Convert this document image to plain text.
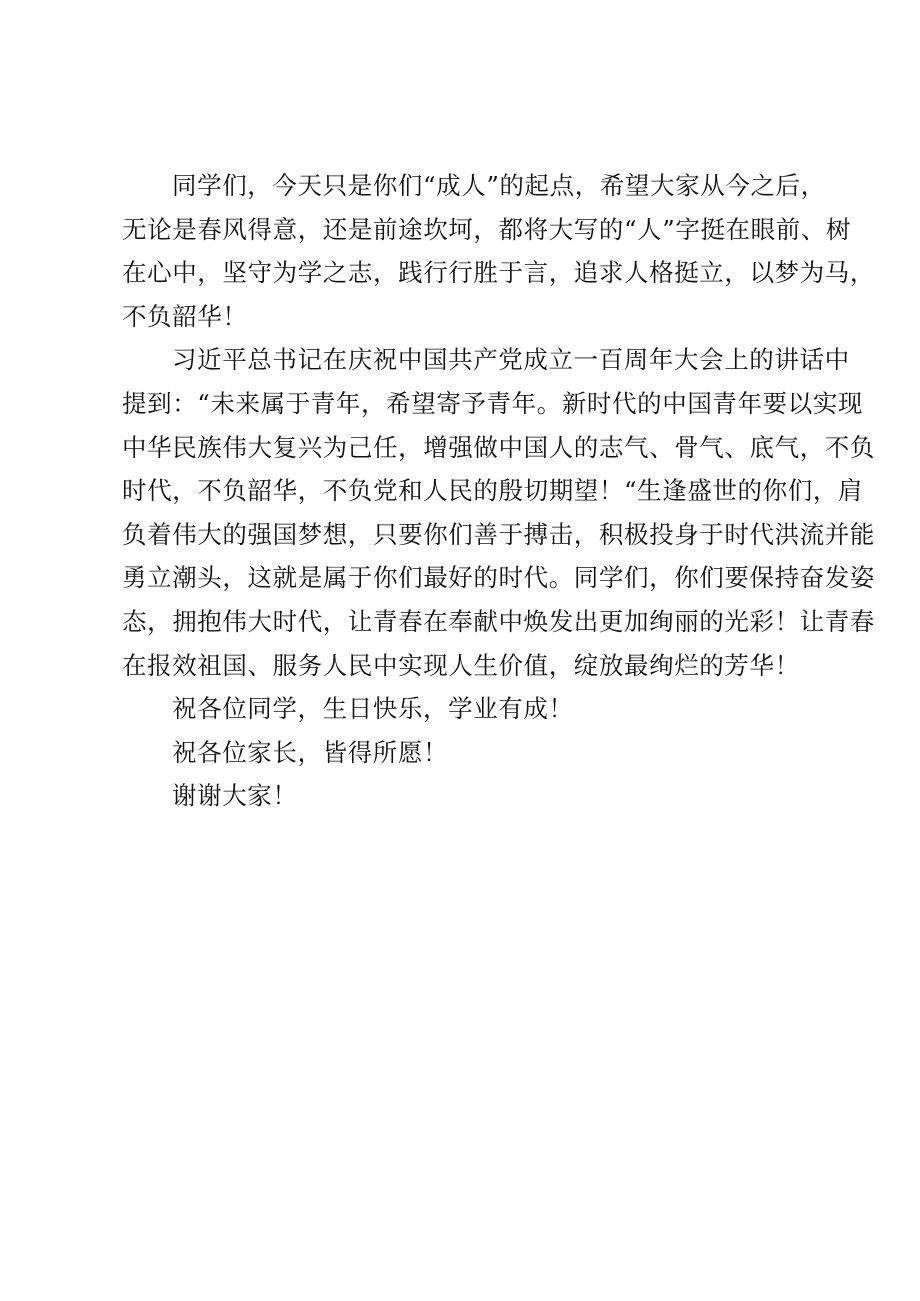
同学们，今天只是你们“成人”的起点，希望大家从今之后，
无论是春风得意，还是前途坎坷，都将大写的“人”字挺在眼前、树
在心中，坚守为学之志，践行行胜于言，追求人格挺立，以梦为马，
不负韶华！
习近平总书记在庆祝中国共产党成立一百周年大会上的讲话中
提到：“未来属于青年，希望寄予青年。新时代的中国青年要以实现
中华民族伟大复兴为己任，增强做中国人的志气、骨气、底气，不负
时代，不负韶华，不负党和人民的殷切期望！“生逢盛世的你们，肩
负着伟大的强国梦想，只要你们善于搏击，积极投身于时代洪流并能
勇立潮头，这就是属于你们最好的时代。同学们，你们要保持奋发姿
态，拥抱伟大时代，让青春在奉献中焕发出更加绚丽的光彩！让青春
在报效祖国、服务人民中实现人生价值，绽放最绚烂的芳华！
祝各位同学，生日快乐，学业有成！
祝各位家长，皆得所愿！
谢谢大家！
